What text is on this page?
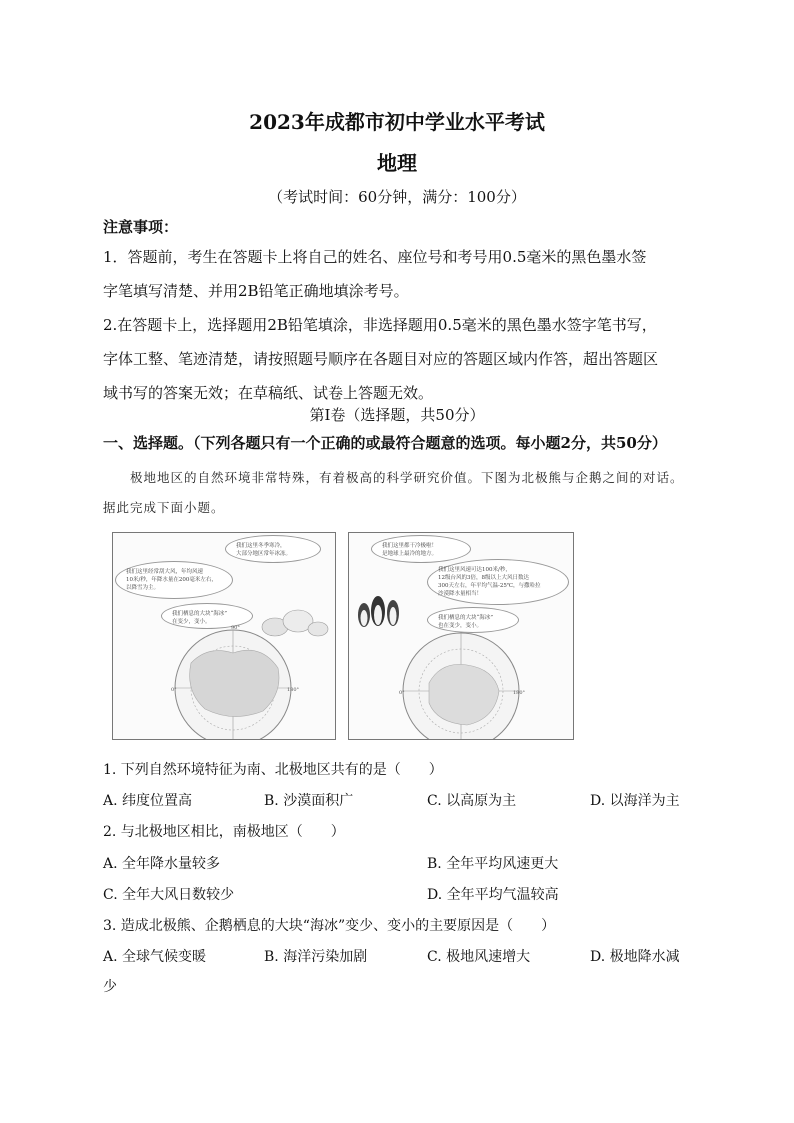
2023年成都市初中学业水平考试
地理
（考试时间：60分钟，满分：100分）
注意事项：
1．答题前，考生在答题卡上将自己的姓名、座位号和考号用0.5毫米的黑色墨水签
字笔填写清楚、并用2B铅笔正确地填涂考号。
2.在答题卡上，选择题用2B铅笔填涂，非选择题用0.5毫米的黑色墨水签字笔书写，
字体工整、笔迹清楚，请按照题号顺序在各题目对应的答题区域内作答，超出答题区
域书写的答案无效；在草稿纸、试卷上答题无效。
第Ⅰ卷（选择题，共50分）
一、选择题。（下列各题只有一个正确的或最符合题意的选项。每小题2分，共50分）
极地地区的自然环境非常特殊，有着极高的科学研究价值。下图为北极熊与企鹅之间的对话。
据此完成下面小题。
我们这里冬季寒冷，
大部分地区常年冰冻。
我们这里经常刮大风，年均风速
10米/秒，年降水量在200毫米左右，
以降雪为主。
我们栖息的大块“海冰”
在变少，变小。
90°
0°	180°
我们这里都干冷极啦！
是地球上最冷的地方。
我们这里风速可达100米/秒，
12级台风的3倍，8级以上大风日数达
300天左右，年平均气温-25℃，与撒哈拉
沙漠降水量相当！
我们栖息的大块“海冰”
也在变少，变小。
0°	180°
1. 下列自然环境特征为南、北极地区共有的是（　　）
A. 纬度位置高	B. 沙漠面积广	C. 以高原为主	D. 以海洋为主
2. 与北极地区相比，南极地区（　　）
A. 全年降水量较多	B. 全年平均风速更大
C. 全年大风日数较少	D. 全年平均气温较高
3. 造成北极熊、企鹅栖息的大块“海冰”变少、变小的主要原因是（　　）
A. 全球气候变暖	B. 海洋污染加剧	C. 极地风速增大	D. 极地降水减
少
